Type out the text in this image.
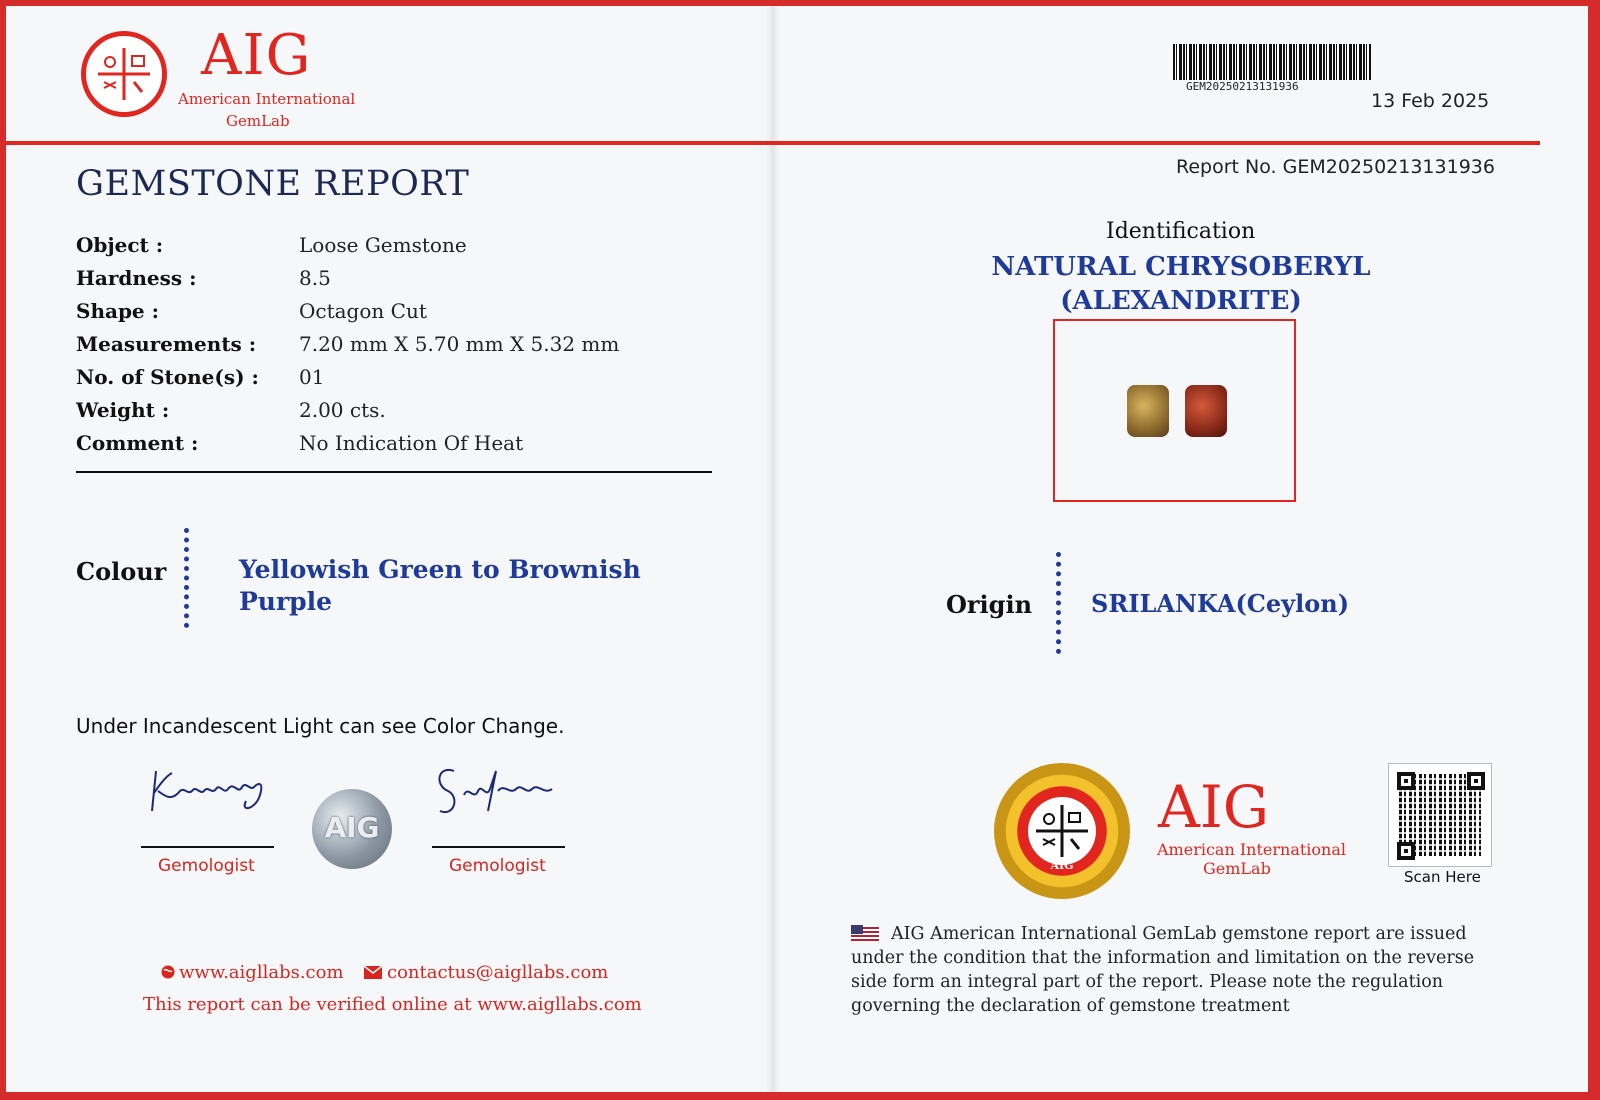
AIG
American International
GemLab
GEM20250213131936
13 Feb 2025
Report No. GEM20250213131936
GEMSTONE REPORT
Object :	Loose Gemstone
Hardness :	8.5
Shape :	Octagon Cut
Measurements :	7.20 mm X 5.70 mm X 5.32 mm
No. of Stone(s) :	01
Weight :	2.00 cts.
Comment :	No Indication Of Heat
Colour	Yellowish Green to Brownish Purple
Under Incandescent Light can see Color Change.
Gemologist
AIG
Gemologist
www.aigllabs.com	contactus@aigllabs.com
This report can be verified online at www.aigllabs.com
Identification
NATURAL CHRYSOBERYL
(ALEXANDRITE)
Origin SRILANKA(Ceylon)
AIG
AIG
American International
GemLab	Scan Here
AIG American International GemLab gemstone report are issued under the condition that the information and limitation on the reverse side form an integral part of the report. Please note the regulation governing the declaration of gemstone treatment
